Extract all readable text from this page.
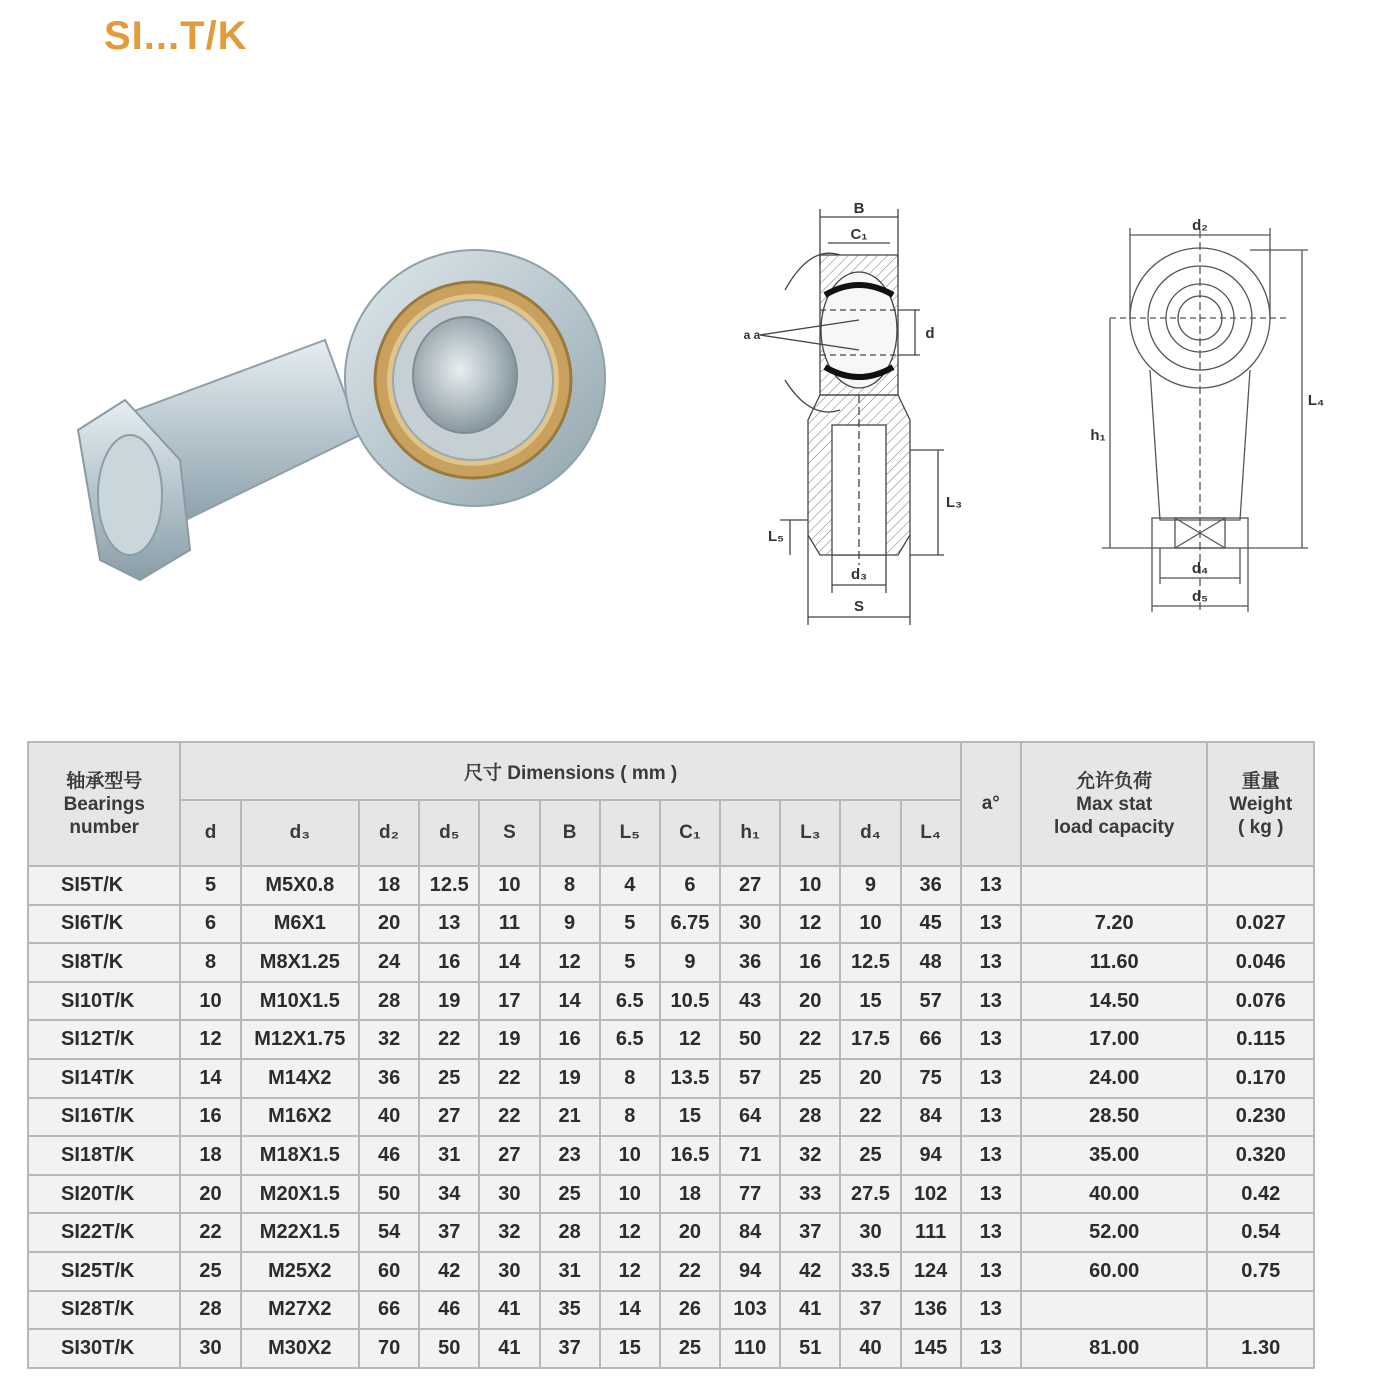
SI...T/K
B
C₁
d
a a
L₃
L₅
d₃
S
d₂
L₄
h₁
d₄
d₅
轴承型号
Bearings number	尺寸 Dimensions ( mm )												a°	允许负荷
Max stat
load capacity	重量
Weight
( kg )

	d	d₃	d₂	d₅	S	B	L₅	C₁	h₁	L₃	d₄	L₄			
SI5T/K	5	M5X0.8	18	12.5	10	8	4	6	27	10	9	36	13		
SI6T/K	6	M6X1	20	13	11	9	5	6.75	30	12	10	45	13	7.20	0.027
SI8T/K	8	M8X1.25	24	16	14	12	5	9	36	16	12.5	48	13	11.60	0.046
SI10T/K	10	M10X1.5	28	19	17	14	6.5	10.5	43	20	15	57	13	14.50	0.076
SI12T/K	12	M12X1.75	32	22	19	16	6.5	12	50	22	17.5	66	13	17.00	0.115
SI14T/K	14	M14X2	36	25	22	19	8	13.5	57	25	20	75	13	24.00	0.170
SI16T/K	16	M16X2	40	27	22	21	8	15	64	28	22	84	13	28.50	0.230
SI18T/K	18	M18X1.5	46	31	27	23	10	16.5	71	32	25	94	13	35.00	0.320
SI20T/K	20	M20X1.5	50	34	30	25	10	18	77	33	27.5	102	13	40.00	0.42
SI22T/K	22	M22X1.5	54	37	32	28	12	20	84	37	30	111	13	52.00	0.54
SI25T/K	25	M25X2	60	42	30	31	12	22	94	42	33.5	124	13	60.00	0.75
SI28T/K	28	M27X2	66	46	41	35	14	26	103	41	37	136	13		
SI30T/K	30	M30X2	70	50	41	37	15	25	110	51	40	145	13	81.00	1.30
